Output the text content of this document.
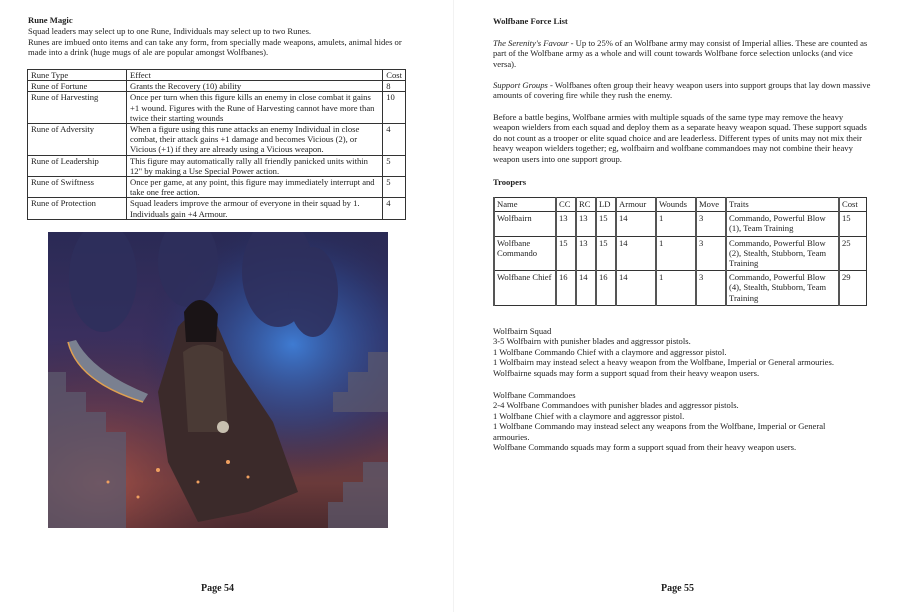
Rune Magic
Squad leaders may select up to one Rune, Individuals may select up to two Runes.
Runes are imbued onto items and can take any form, from specially made weapons, amulets, animal hides or made into a drink (huge mugs of ale are popular amongst Wolfbanes).
Rune Type	Effect	Cost
Rune of Fortune	Grants the Recovery (10) ability	8
Rune of Harvesting	Once per turn when this figure kills an enemy in close combat it gains +1 wound. Figures with the Rune of Harvesting cannot have more than twice their starting wounds	10
Rune of Adversity	When a figure using this rune attacks an enemy Individual in close combat, their attack gains +1 damage and becomes Vicious (2), or Vicious (+1) if they are already using a Vicious weapon.	4
Rune of Leadership	This figure may automatically rally all friendly panicked units within 12" by making a Use Special Power action.	5
Rune of Swiftness	Once per game, at any point, this figure may immediately interrupt and take one free action.	5
Rune of Protection	Squad leaders improve the armour of everyone in their squad by 1. Individuals gain +4 Armour.	4
Page 54
Wolfbane Force List
The Serenity's Favour - Up to 25% of an Wolfbane army may consist of Imperial allies. These are counted as part of the Wolfbane army as a whole and will count towards Wolfbane force selection unlocks (and vice versa).
Support Groups - Wolfbanes often group their heavy weapon users into support groups that lay down massive amounts of covering fire while they rush the enemy.
Before a battle begins, Wolfbane armies with multiple squads of the same type may remove the heavy weapon wielders from each squad and deploy them as a separate heavy weapon squad. These support squads do not count as a trooper or elite squad choice and are leaderless. Different types of units may not mix their heavy weapon wielders together; eg, wolfbairn and wolfbane commandoes may not combine their heavy weapon users into one support group.
Troopers
Name	CC	RC	LD	Armour	Wounds	Move	Traits	Cost
Wolfbairn	13	13	15	14	1	3	Commando, Powerful Blow (1), Team Training	15
Wolfbane Commando	15	13	15	14	1	3	Commando, Powerful Blow (2), Stealth, Stubborn, Team Training	25
Wolfbane Chief	16	14	16	14	1	3	Commando, Powerful Blow (4), Stealth, Stubborn, Team Training	29
Wolfbairn Squad
3-5 Wolfbairn with punisher blades and aggressor pistols.
1 Wolfbane Commando Chief with a claymore and aggressor pistol.
1 Wolfbairn may instead select a heavy weapon from the Wolfbane, Imperial or General armouries.
Wolfbairne squads may form a support squad from their heavy weapon users.
Wolfbane Commandoes
2-4 Wolfbane Commandoes with punisher blades and aggressor pistols.
1 Wolfbane Chief with a claymore and aggressor pistol.
1 Wolfbane Commando may instead select any weapons from the Wolfbane, Imperial or General armouries.
Wolfbane Commando squads may form a support squad from their heavy weapon users.
Page 55
